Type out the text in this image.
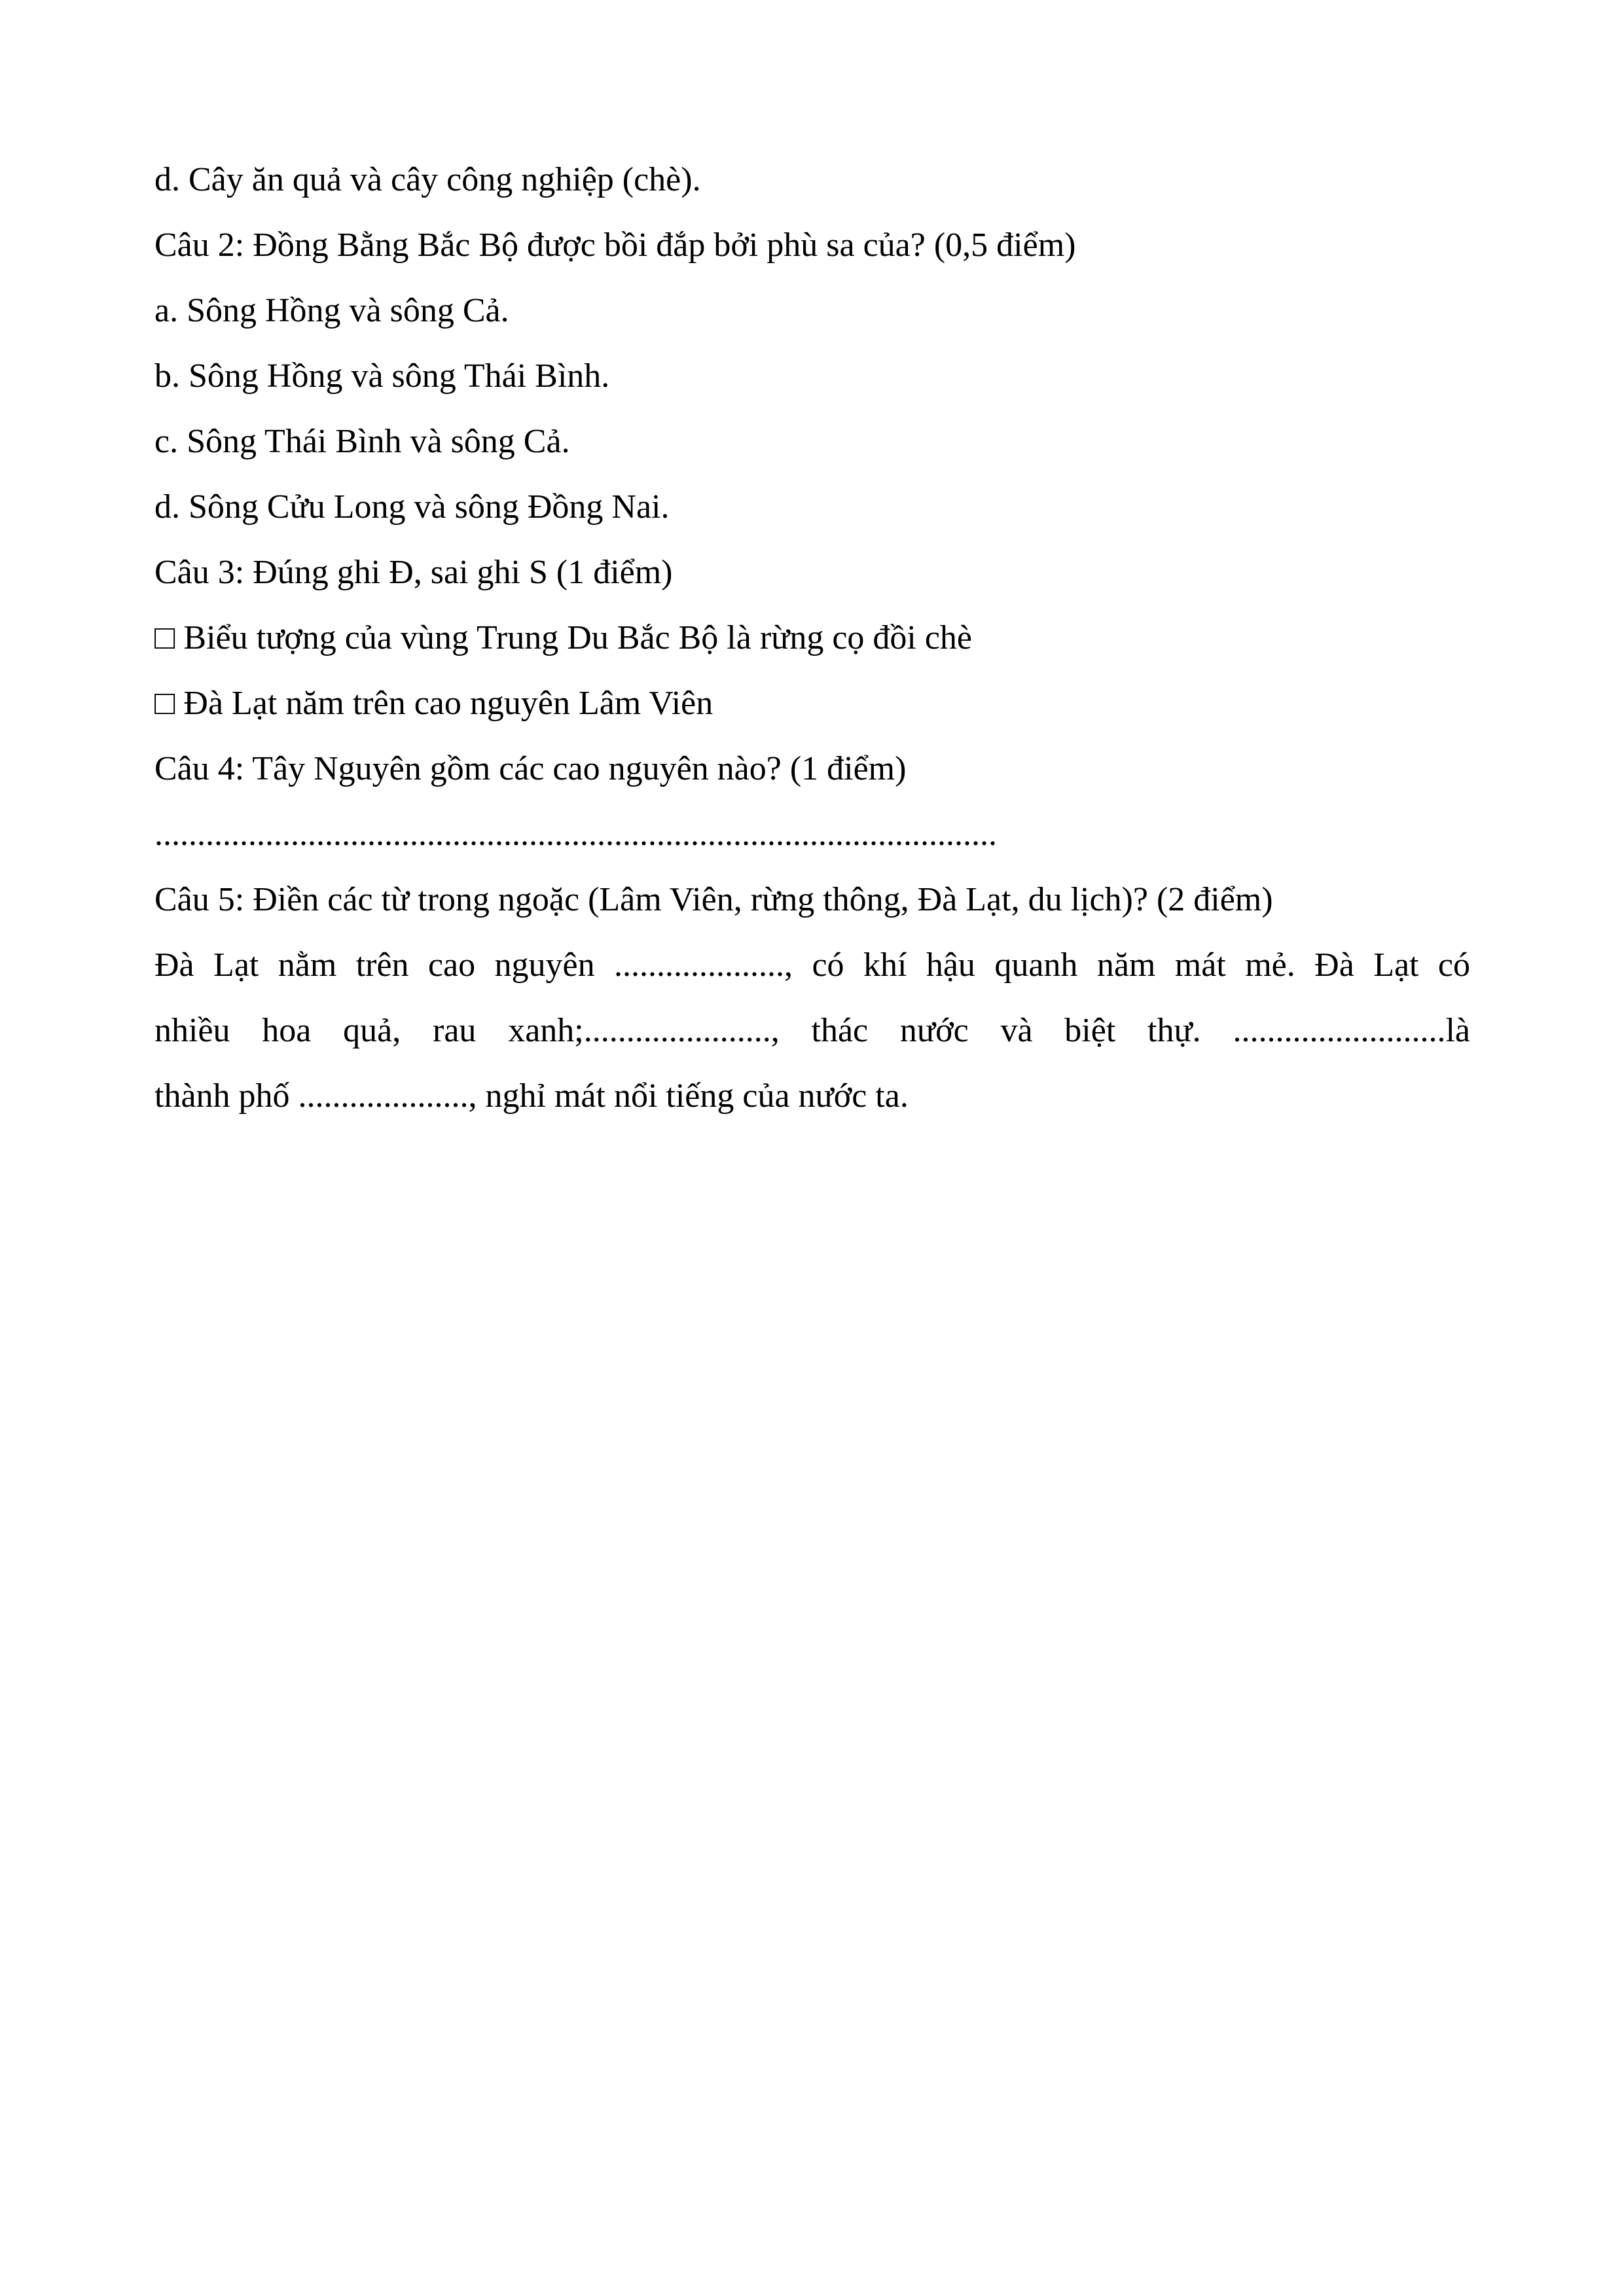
d. Cây ăn quả và cây công nghiệp (chè).

Câu 2: Đồng Bằng Bắc Bộ được bồi đắp bởi phù sa của? (0,5 điểm)

a. Sông Hồng và sông Cả.

b. Sông Hồng và sông Thái Bình.

c. Sông Thái Bình và sông Cả.

d. Sông Cửu Long và sông Đồng Nai.

Câu 3: Đúng ghi Đ, sai ghi S (1 điểm)

□ Biểu tượng của vùng Trung Du Bắc Bộ là rừng cọ đồi chè

□ Đà Lạt năm trên cao nguyên Lâm Viên

Câu 4: Tây Nguyên gồm các cao nguyên nào? (1 điểm)

...................................................................................................

Câu 5: Điền các từ trong ngoặc (Lâm Viên, rừng thông, Đà Lạt, du lịch)? (2 điểm)

Đà Lạt nằm trên cao nguyên ...................., có khí hậu quanh năm mát mẻ. Đà Lạt có

nhiều hoa quả, rau xanh;......................, thác nước và biệt thự. .........................là

thành phố ...................., nghỉ mát nổi tiếng của nước ta.
